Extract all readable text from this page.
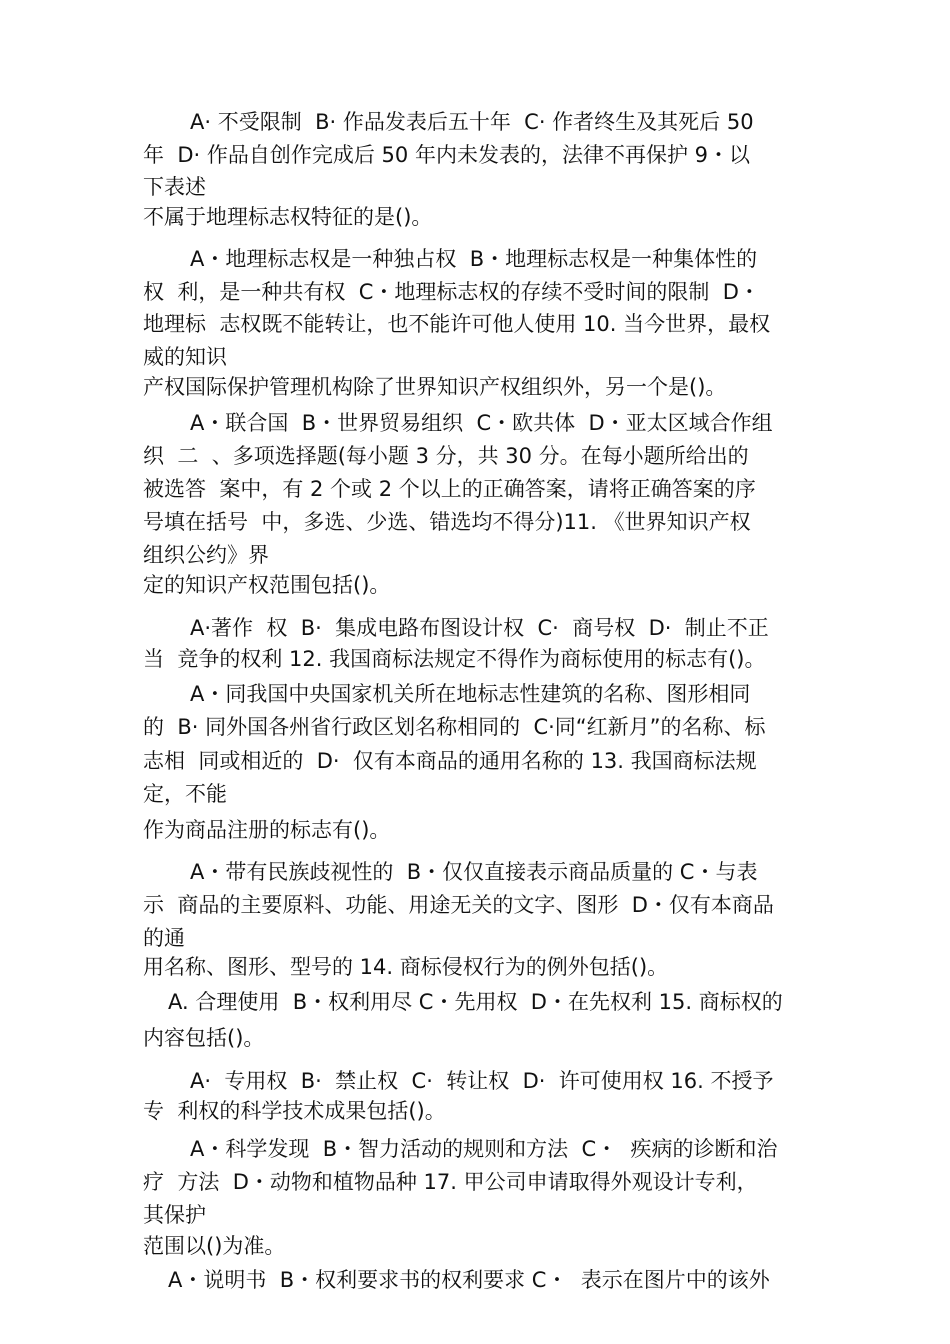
A· 不受限制  B· 作品发表后五十年  C· 作者终生及其死后 50

年  D· 作品自创作完成后 50 年内未发表的，法律不再保护 9・以

下表述

不属于地理标志权特征的是()。

A・地理标志权是一种独占权  B・地理标志权是一种集体性的

权  利，是一种共有权  C・地理标志权的存续不受时间的限制  D・

地理标  志权既不能转让，也不能许可他人使用 10. 当今世界，最权

威的知识

产权国际保护管理机构除了世界知识产权组织外，另一个是()。

A・联合国  B・世界贸易组织  C・欧共体  D・亚太区域合作组

织  二  、多项选择题(每小题 3 分，共 30 分。在每小题所给出的

被选答  案中，有 2 个或 2 个以上的正确答案，请将正确答案的序

号填在括号  中，多选、少选、错选均不得分)11. 《世界知识产权

组织公约》界

定的知识产权范围包括()。

A·著作  权  B·  集成电路布图设计权  C·  商号权  D·  制止不正

当  竞争的权利 12. 我国商标法规定不得作为商标使用的标志有()。

A・同我国中央国家机关所在地标志性建筑的名称、图形相同

的  B· 同外国各州省行政区划名称相同的  C·同“红新月”的名称、标

志相  同或相近的  D·  仅有本商品的通用名称的 13. 我国商标法规

定，不能

作为商品注册的标志有()。

A・带有民族歧视性的  B・仅仅直接表示商品质量的 C・与表

示  商品的主要原料、功能、用途无关的文字、图形  D・仅有本商品

的通

用名称、图形、型号的 14. 商标侵权行为的例外包括()。

A. 合理使用  B・权利用尽 C・先用权  D・在先权利 15. 商标权的

内容包括()。

A·  专用权  B·  禁止权  C·  转让权  D·  许可使用权 16. 不授予

专  利权的科学技术成果包括()。

A・科学发现  B・智力活动的规则和方法  C・  疾病的诊断和治

疗  方法  D・动物和植物品种 17. 甲公司申请取得外观设计专利，

其保护

范围以()为准。

A・说明书  B・权利要求书的权利要求 C・  表示在图片中的该外
